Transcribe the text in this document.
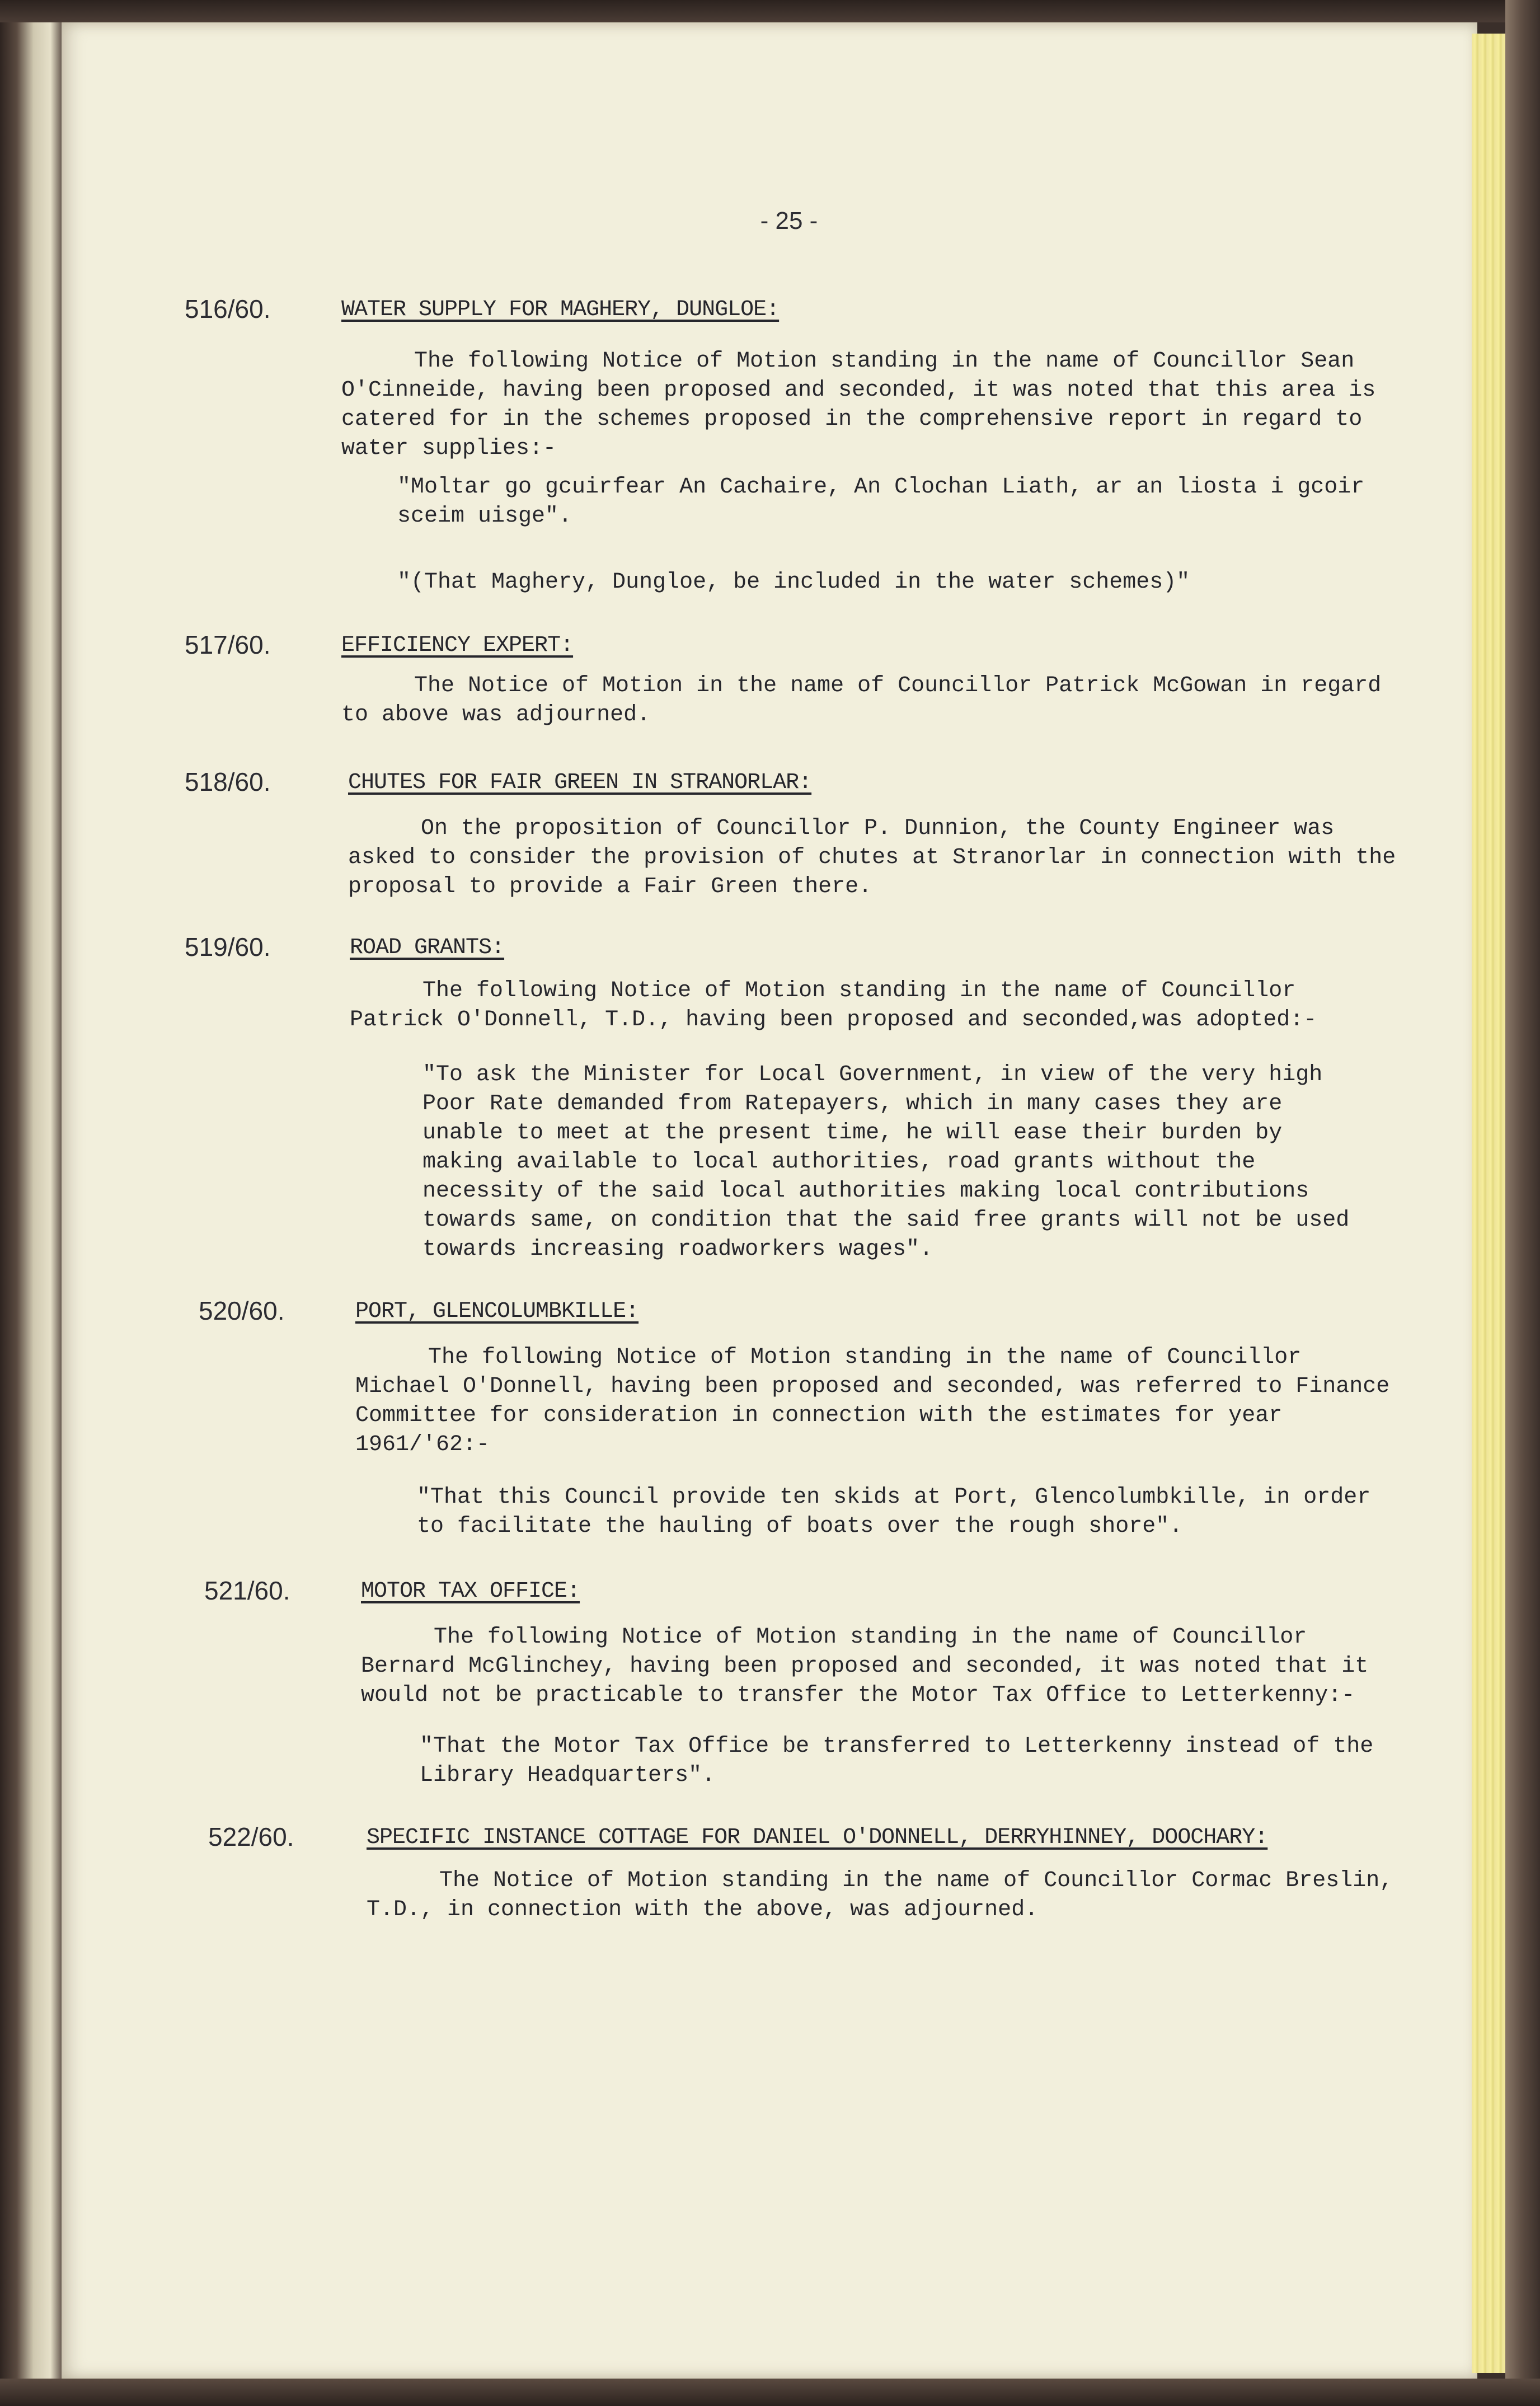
- 25 -
516/60.	WATER SUPPLY FOR MAGHERY, DUNGLOE:

The following Notice of Motion standing in the name of Councillor Sean O'Cinneide, having been proposed and seconded, it was noted that this area is catered for in the schemes proposed in the comprehensive report in regard to water supplies:-

"Moltar go gcuirfear An Cachaire, An Clochan Liath, ar an liosta i gcoir sceim uisge".

"(That Maghery, Dungloe, be included in the water schemes)"

517/60.	EFFICIENCY EXPERT:

The Notice of Motion in the name of Councillor Patrick McGowan in regard to above was adjourned.

518/60.	CHUTES FOR FAIR GREEN IN STRANORLAR:

On the proposition of Councillor P. Dunnion, the County Engineer was asked to consider the provision of chutes at Stranorlar in connection with the proposal to provide a Fair Green there.

519/60.	ROAD GRANTS:

The following Notice of Motion standing in the name of Councillor Patrick O'Donnell, T.D., having been proposed and seconded,was adopted:-

"To ask the Minister for Local Government, in view of the very high Poor Rate demanded from Ratepayers, which in many cases they are unable to meet at the present time, he will ease their burden by making available to local authorities, road grants without the necessity of the said local authorities making local contributions towards same, on condition that the said free grants will not be used towards increasing roadworkers wages".

520/60.	PORT, GLENCOLUMBKILLE:

The following Notice of Motion standing in the name of Councillor Michael O'Donnell, having been proposed and seconded, was referred to Finance Committee for consideration in connection with the estimates for year 1961/'62:-

"That this Council provide ten skids at Port, Glencolumbkille, in order to facilitate the hauling of boats over the rough shore".

521/60.	MOTOR TAX OFFICE:

The following Notice of Motion standing in the name of Councillor Bernard McGlinchey, having been proposed and seconded, it was noted that it would not be practicable to transfer the Motor Tax Office to Letterkenny:-

"That the Motor Tax Office be transferred to Letterkenny instead of the Library Headquarters".

522/60.	SPECIFIC INSTANCE COTTAGE FOR DANIEL O'DONNELL, DERRYHINNEY, DOOCHARY:

The Notice of Motion standing in the name of Councillor Cormac Breslin, T.D., in connection with the above, was adjourned.
